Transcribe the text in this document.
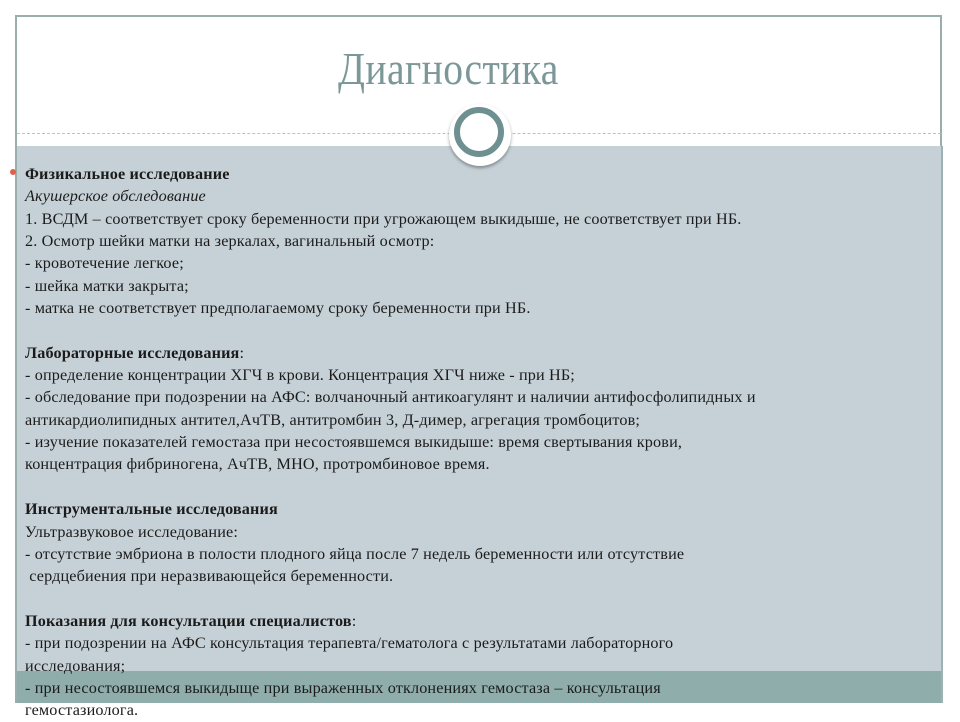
Диагностика
Физикальное исследование
Акушерское обследование
1. ВСДМ – соответствует сроку беременности при угрожающем выкидыше, не соответствует при НБ.
2. Осмотр шейки матки на зеркалах, вагинальный осмотр:
- кровотечение легкое;
- шейка матки закрыта;
- матка не соответствует предполагаемому сроку беременности при НБ.
Лабораторные исследования:
- определение концентрации ХГЧ в крови. Концентрация ХГЧ ниже - при НБ;
- обследование при подозрении на АФС: волчаночный антикоагулянт и наличии антифосфолипидных и
антикардиолипидных антител,АчТВ, антитромбин 3, Д-димер, агрегация тромбоцитов;
- изучение показателей гемостаза при несостоявшемся выкидыше: время свертывания крови,
концентрация фибриногена, АчТВ, МНО, протромбиновое время.
Инструментальные исследования
Ультразвуковое исследование:
- отсутствие эмбриона в полости плодного яйца после 7 недель беременности или отсутствие
сердцебиения при неразвивающейся беременности.
Показания для консультации специалистов:
- при подозрении на АФС консультация терапевта/гематолога с результатами лабораторного
исследования;
- при несостоявшемся выкидыще при выраженных отклонениях гемостаза – консультация
гемостазиолога.
